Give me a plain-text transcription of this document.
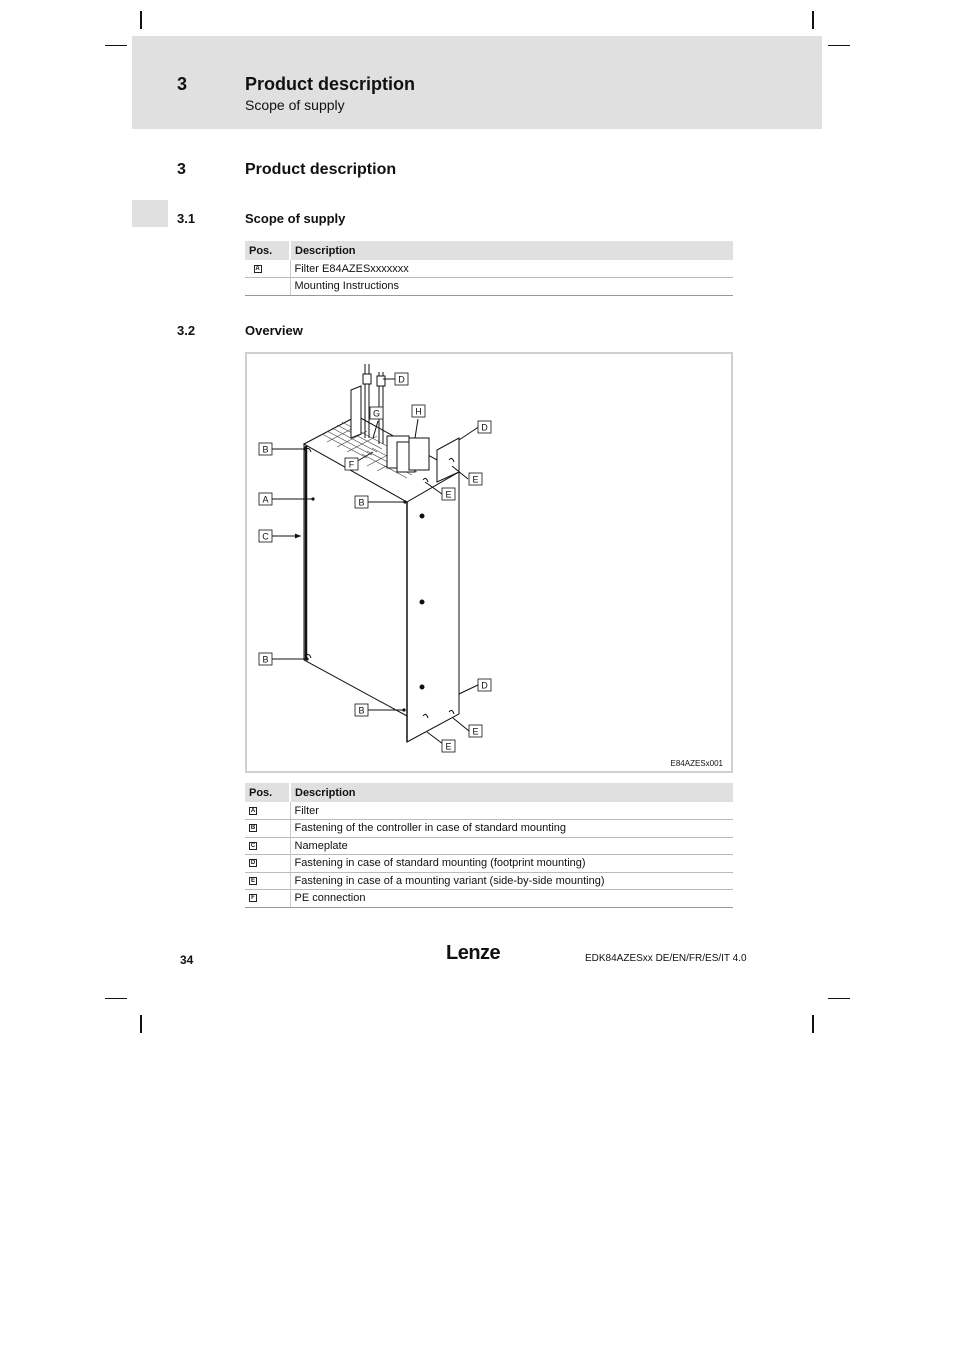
3	Product description
Scope of supply
3	Product description
3.1	Scope of supply
Pos.	Description
A	Filter E84AZESxxxxxxx
	Mounting Instructions
3.2	Overview
D
G	H
D
B
F
E
A	B
E
C
B
D
B
E
E
E84AZESx001
Pos.	Description
A	Filter
B	Fastening of the controller in case of standard mounting
C	Nameplate
D	Fastening in case of standard mounting (footprint mounting)
E	Fastening in case of a mounting variant (side-by-side mounting)
F	PE connection
34	Lenze	EDK84AZESxx DE/EN/FR/ES/IT 4.0
